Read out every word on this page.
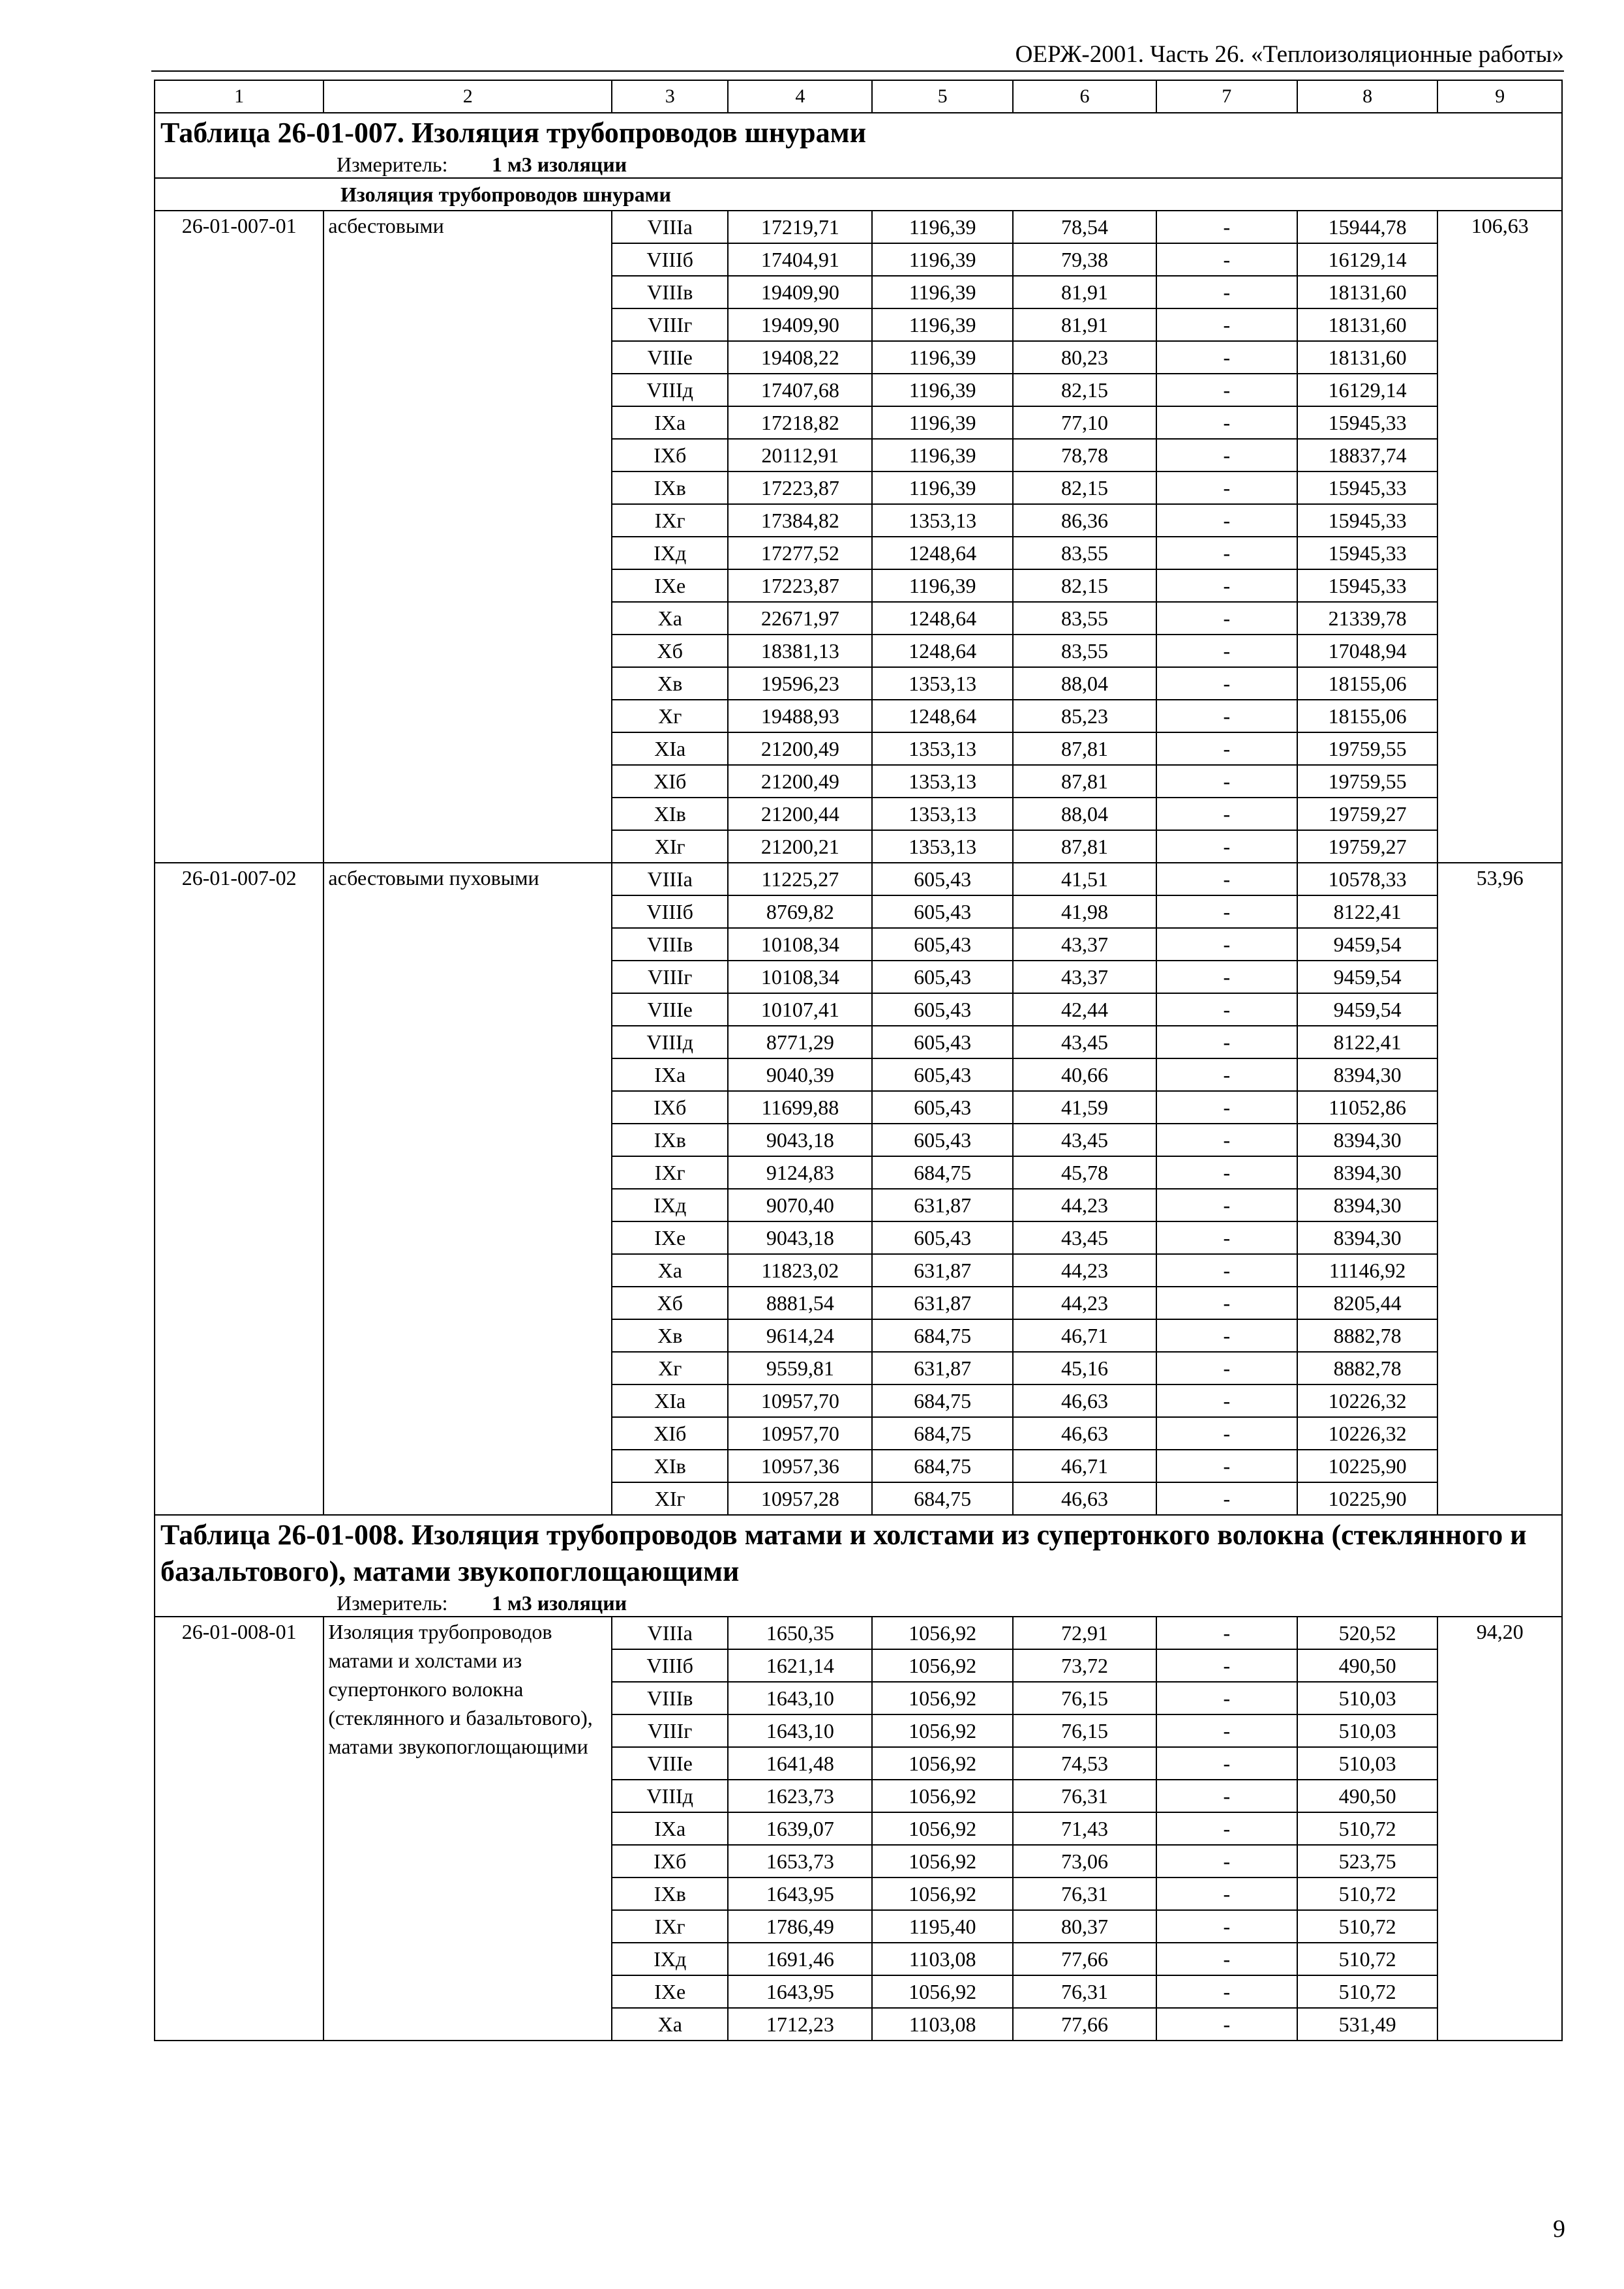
ОЕРЖ-2001. Часть 26. «Теплоизоляционные работы»
1	2	3	4	5	6	7	8	9
Таблица 26-01-007. Изоляция трубопроводов шнурами								
Измеритель: 1 м3 изоляции								
Изоляция трубопроводов шнурами								
26-01-007-01	асбестовыми	VIIIа	17219,71	1196,39	78,54	-	15944,78	106,63
		VIIIб	17404,91	1196,39	79,38	-	16129,14	
		VIIIв	19409,90	1196,39	81,91	-	18131,60	
		VIIIг	19409,90	1196,39	81,91	-	18131,60	
		VIIIе	19408,22	1196,39	80,23	-	18131,60	
		VIIIд	17407,68	1196,39	82,15	-	16129,14	
		IXа	17218,82	1196,39	77,10	-	15945,33	
		IXб	20112,91	1196,39	78,78	-	18837,74	
		IXв	17223,87	1196,39	82,15	-	15945,33	
		IXг	17384,82	1353,13	86,36	-	15945,33	
		IXд	17277,52	1248,64	83,55	-	15945,33	
		IXе	17223,87	1196,39	82,15	-	15945,33	
		Xа	22671,97	1248,64	83,55	-	21339,78	
		Xб	18381,13	1248,64	83,55	-	17048,94	
		Xв	19596,23	1353,13	88,04	-	18155,06	
		Xг	19488,93	1248,64	85,23	-	18155,06	
		XIа	21200,49	1353,13	87,81	-	19759,55	
		XIб	21200,49	1353,13	87,81	-	19759,55	
		XIв	21200,44	1353,13	88,04	-	19759,27	
		XIг	21200,21	1353,13	87,81	-	19759,27	
26-01-007-02	асбестовыми пуховыми	VIIIа	11225,27	605,43	41,51	-	10578,33	53,96
		VIIIб	8769,82	605,43	41,98	-	8122,41	
		VIIIв	10108,34	605,43	43,37	-	9459,54	
		VIIIг	10108,34	605,43	43,37	-	9459,54	
		VIIIе	10107,41	605,43	42,44	-	9459,54	
		VIIIд	8771,29	605,43	43,45	-	8122,41	
		IXа	9040,39	605,43	40,66	-	8394,30	
		IXб	11699,88	605,43	41,59	-	11052,86	
		IXв	9043,18	605,43	43,45	-	8394,30	
		IXг	9124,83	684,75	45,78	-	8394,30	
		IXд	9070,40	631,87	44,23	-	8394,30	
		IXе	9043,18	605,43	43,45	-	8394,30	
		Xа	11823,02	631,87	44,23	-	11146,92	
		Xб	8881,54	631,87	44,23	-	8205,44	
		Xв	9614,24	684,75	46,71	-	8882,78	
		Xг	9559,81	631,87	45,16	-	8882,78	
		XIа	10957,70	684,75	46,63	-	10226,32	
		XIб	10957,70	684,75	46,63	-	10226,32	
		XIв	10957,36	684,75	46,71	-	10225,90	
		XIг	10957,28	684,75	46,63	-	10225,90	
Таблица 26-01-008. Изоляция трубопроводов матами и холстами из супертонкого волокна (стеклянного и базальтового), матами звукопоглощающими								
Измеритель: 1 м3 изоляции								
26-01-008-01	Изоляция трубопроводов матами и холстами из супертонкого волокна (стеклянного и базальтового), матами звукопоглощающими	VIIIа	1650,35	1056,92	72,91	-	520,52	94,20
		VIIIб	1621,14	1056,92	73,72	-	490,50	
		VIIIв	1643,10	1056,92	76,15	-	510,03	
		VIIIг	1643,10	1056,92	76,15	-	510,03	
		VIIIе	1641,48	1056,92	74,53	-	510,03	
		VIIIд	1623,73	1056,92	76,31	-	490,50	
		IXа	1639,07	1056,92	71,43	-	510,72	
		IXб	1653,73	1056,92	73,06	-	523,75	
		IXв	1643,95	1056,92	76,31	-	510,72	
		IXг	1786,49	1195,40	80,37	-	510,72	
		IXд	1691,46	1103,08	77,66	-	510,72	
		IXе	1643,95	1056,92	76,31	-	510,72	
		Xа	1712,23	1103,08	77,66	-	531,49	
9
